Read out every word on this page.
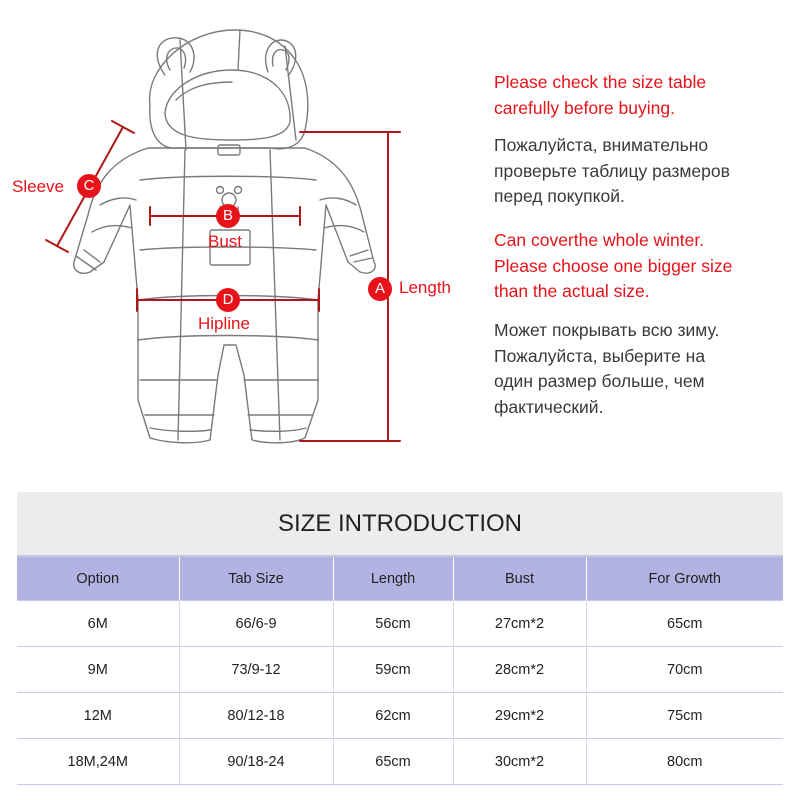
C
Sleeve
B
Bust
D
Hipline
A Length
Please check the size table
carefully before buying.
Пожалуйста, внимательно
проверьте таблицу размеров
перед покупкой.
Can coverthe whole winter.
Please choose one bigger size
than the actual size.
Может покрывать всю зиму.
Пожалуйста, выберите на
один размер больше, чем
фактический.
SIZE INTRODUCTION
Option	Tab Size	Length	Bust	For Growth
6M	66/6-9	56cm	27cm*2	65cm
9M	73/9-12	59cm	28cm*2	70cm
12M	80/12-18	62cm	29cm*2	75cm
18M,24M	90/18-24	65cm	30cm*2	80cm
